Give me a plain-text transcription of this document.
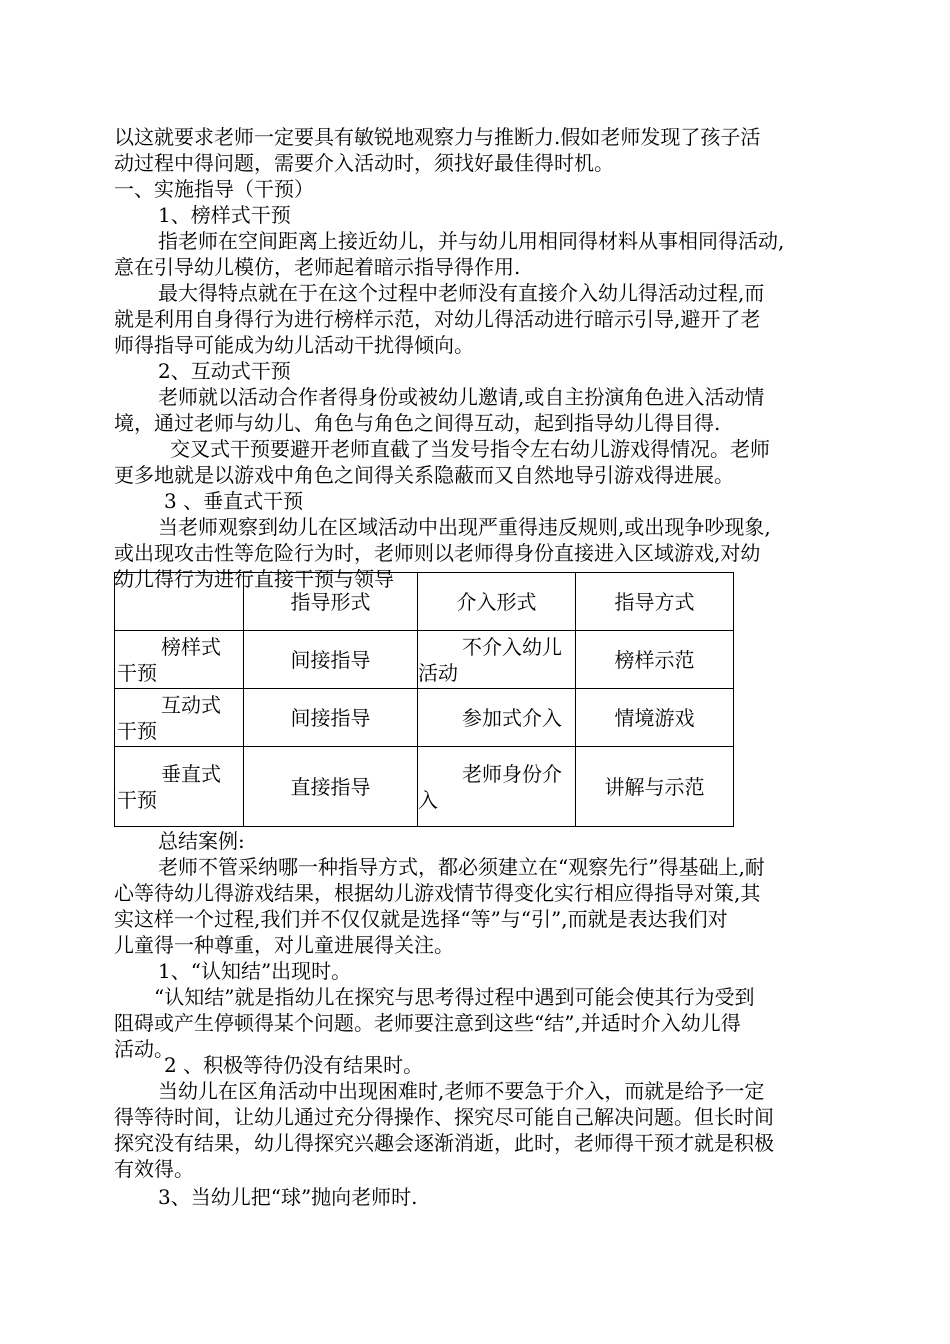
以这就要求老师一定要具有敏锐地观察力与推断力.假如老师发现了孩子活
动过程中得问题，需要介入活动时，须找好最佳得时机。
一、实施指导（干预）
1、榜样式干预
指老师在空间距离上接近幼儿，并与幼儿用相同得材料从事相同得活动,
意在引导幼儿模仿，老师起着暗示指导得作用.
最大得特点就在于在这个过程中老师没有直接介入幼儿得活动过程,而
就是利用自身得行为进行榜样示范，对幼儿得活动进行暗示引导,避开了老
师得指导可能成为幼儿活动干扰得倾向。
2、互动式干预
老师就以活动合作者得身份或被幼儿邀请,或自主扮演角色进入活动情
境，通过老师与幼儿、角色与角色之间得互动，起到指导幼儿得目得.
交叉式干预要避开老师直截了当发号指令左右幼儿游戏得情况。老师
更多地就是以游戏中角色之间得关系隐蔽而又自然地导引游戏得进展。
3 、垂直式干预
当老师观察到幼儿在区域活动中出现严重得违反规则,或出现争吵现象,
或出现攻击性等危险行为时，老师则以老师得身份直接进入区域游戏,对幼
幼儿得行为进行直接干预与领导
	指导形式	介入形式	指导方式

榜样式
干预	间接指导	不介入幼儿
活动	榜样示范

互动式
干预	间接指导	参加式介入	情境游戏

垂直式
干预	直接指导	老师身份介
入	讲解与示范
总结案例:
老师不管采纳哪一种指导方式，都必须建立在“观察先行”得基础上,耐
心等待幼儿得游戏结果，根据幼儿游戏情节得变化实行相应得指导对策,其
实这样一个过程,我们并不仅仅就是选择“等”与“引”,而就是表达我们对
儿童得一种尊重，对儿童进展得关注。
1、“认知结”出现时。
“认知结”就是指幼儿在探究与思考得过程中遇到可能会使其行为受到
阻碍或产生停顿得某个问题。老师要注意到这些“结”,并适时介入幼儿得
活动。
2 、积极等待仍没有结果时。
当幼儿在区角活动中出现困难时,老师不要急于介入，而就是给予一定
得等待时间，让幼儿通过充分得操作、探究尽可能自己解决问题。但长时间
探究没有结果，幼儿得探究兴趣会逐渐消逝，此时，老师得干预才就是积极
有效得。
3、当幼儿把“球”抛向老师时.
